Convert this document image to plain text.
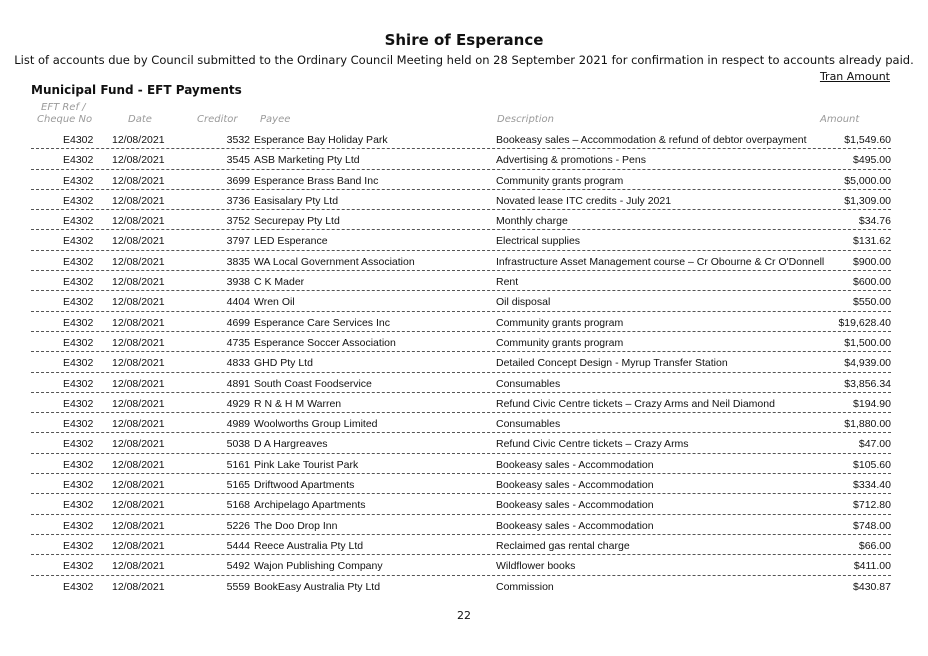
Shire of Esperance
List of accounts due by Council submitted to the Ordinary Council Meeting held on 28 September 2021 for confirmation in respect to accounts already paid.
Tran Amount
Municipal Fund - EFT Payments
EFT Ref /
Cheque No	Date	Creditor Payee	Description	Amount
E4302 12/08/2021	3532 Esperance Bay Holiday Park	Bookeasy sales – Accommodation & refund of debtor overpayment	$1,549.60
E4302 12/08/2021	3545 ASB Marketing Pty Ltd	Advertising & promotions - Pens	$495.00
E4302 12/08/2021	3699 Esperance Brass Band Inc	Community grants program	$5,000.00
E4302 12/08/2021	3736 Easisalary Pty Ltd	Novated lease ITC credits - July 2021	$1,309.00
E4302 12/08/2021	3752 Securepay Pty Ltd	Monthly charge	$34.76
E4302 12/08/2021	3797 LED Esperance	Electrical supplies	$131.62
E4302 12/08/2021	3835 WA Local Government Association	Infrastructure Asset Management course – Cr Obourne & Cr O'Donnell	$900.00
E4302 12/08/2021	3938 C K Mader	Rent	$600.00
E4302 12/08/2021	4404 Wren Oil	Oil disposal	$550.00
E4302 12/08/2021	4699 Esperance Care Services Inc	Community grants program	$19,628.40
E4302 12/08/2021	4735 Esperance Soccer Association	Community grants program	$1,500.00
E4302 12/08/2021	4833 GHD Pty Ltd	Detailed Concept Design - Myrup Transfer Station	$4,939.00
E4302 12/08/2021	4891 South Coast Foodservice	Consumables	$3,856.34
E4302 12/08/2021	4929 R N & H M Warren	Refund Civic Centre tickets – Crazy Arms and Neil Diamond	$194.90
E4302 12/08/2021	4989 Woolworths Group Limited	Consumables	$1,880.00
E4302 12/08/2021	5038 D A Hargreaves	Refund Civic Centre tickets – Crazy Arms	$47.00
E4302 12/08/2021	5161 Pink Lake Tourist Park	Bookeasy sales - Accommodation	$105.60
E4302 12/08/2021	5165 Driftwood Apartments	Bookeasy sales - Accommodation	$334.40
E4302 12/08/2021	5168 Archipelago Apartments	Bookeasy sales - Accommodation	$712.80
E4302 12/08/2021	5226 The Doo Drop Inn	Bookeasy sales - Accommodation	$748.00
E4302 12/08/2021	5444 Reece Australia Pty Ltd	Reclaimed gas rental charge	$66.00
E4302 12/08/2021	5492 Wajon Publishing Company	Wildflower books	$411.00
E4302 12/08/2021	5559 BookEasy Australia Pty Ltd	Commission	$430.87
22
